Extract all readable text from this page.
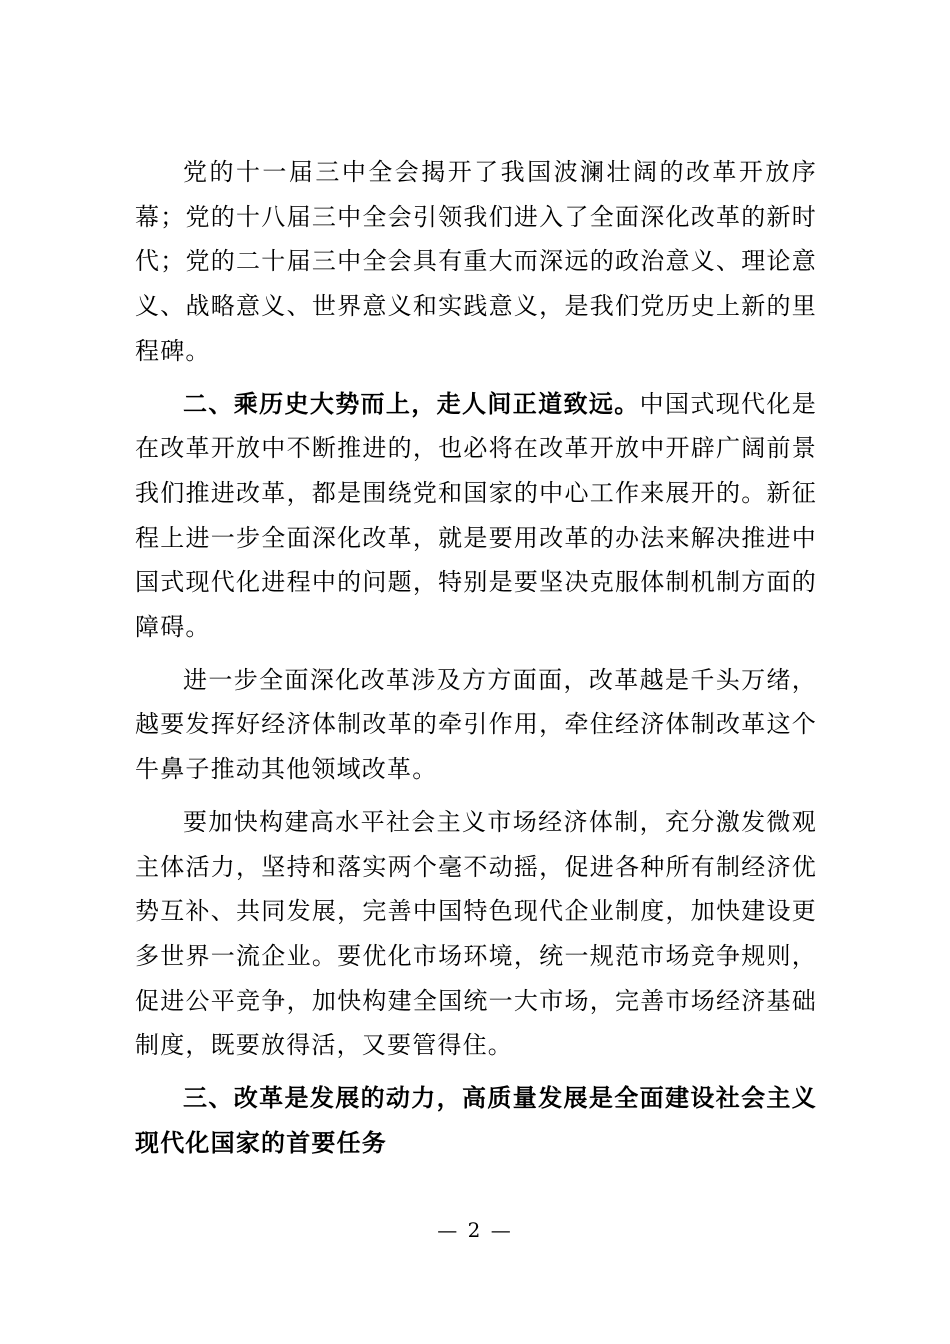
党的十一届三中全会揭开了我国波澜壮阔的改革开放序幕；党的十八届三中全会引领我们进入了全面深化改革的新时代；党的二十届三中全会具有重大而深远的政治意义、理论意义、战略意义、世界意义和实践意义，是我们党历史上新的里程碑。

二、乘历史大势而上，走人间正道致远。中国式现代化是在改革开放中不断推进的，也必将在改革开放中开辟广阔前景我们推进改革，都是围绕党和国家的中心工作来展开的。新征程上进一步全面深化改革，就是要用改革的办法来解决推进中国式现代化进程中的问题，特别是要坚决克服体制机制方面的障碍。

进一步全面深化改革涉及方方面面，改革越是千头万绪，越要发挥好经济体制改革的牵引作用，牵住经济体制改革这个牛鼻子推动其他领域改革。

要加快构建高水平社会主义市场经济体制，充分激发微观主体活力，坚持和落实两个毫不动摇，促进各种所有制经济优势互补、共同发展，完善中国特色现代企业制度，加快建设更多世界一流企业。要优化市场环境，统一规范市场竞争规则，促进公平竞争，加快构建全国统一大市场，完善市场经济基础制度，既要放得活，又要管得住。

三、改革是发展的动力，高质量发展是全面建设社会主义现代化国家的首要任务

— 2 —
